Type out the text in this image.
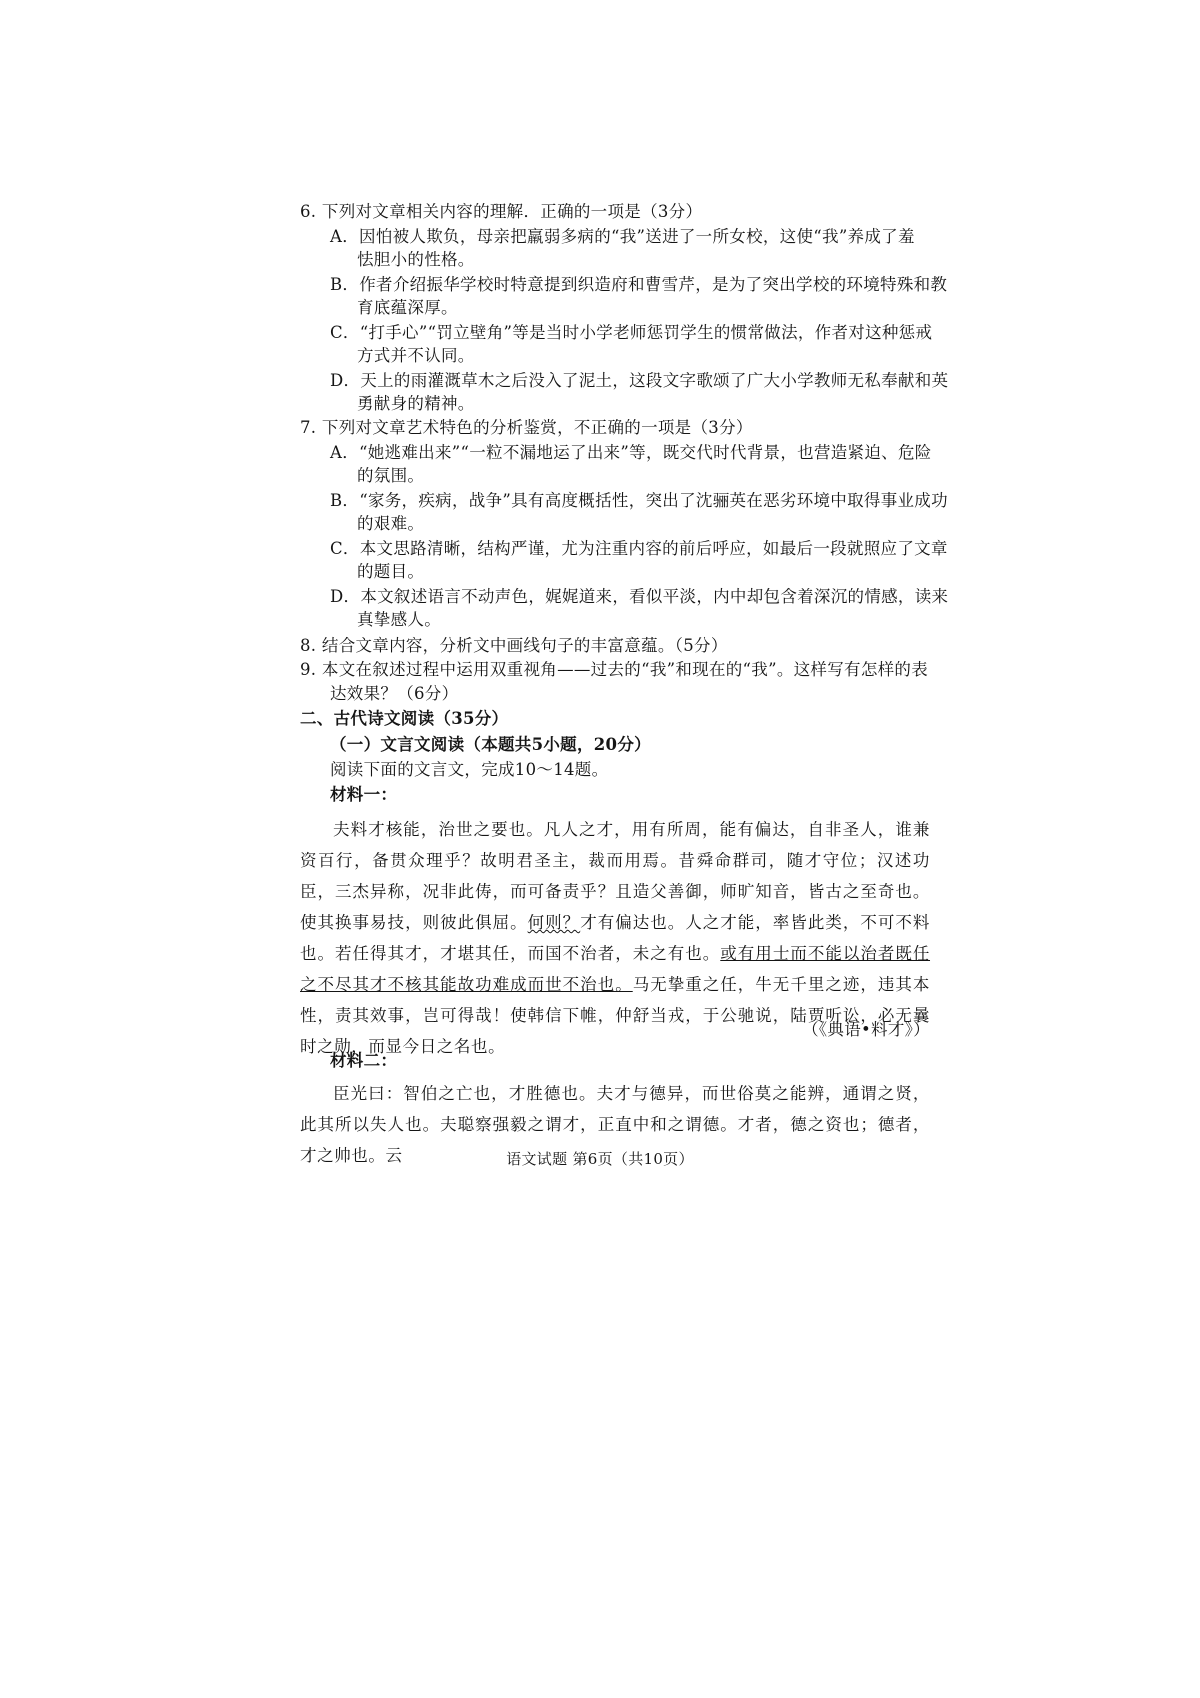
6. 下列对文章相关内容的理解．正确的一项是（3分）
A．因怕被人欺负，母亲把羸弱多病的“我”送进了一所女校，这使“我”养成了羞
怯胆小的性格。
B．作者介绍振华学校时特意提到织造府和曹雪芹，是为了突出学校的环境特殊和教
育底蕴深厚。
C．“打手心”“罚立壁角”等是当时小学老师惩罚学生的惯常做法，作者对这种惩戒
方式并不认同。
D．天上的雨灌溉草木之后没入了泥土，这段文字歌颂了广大小学教师无私奉献和英
勇献身的精神。
7. 下列对文章艺术特色的分析鉴赏，不正确的一项是（3分）
A．“她逃难出来”“一粒不漏地运了出来”等，既交代时代背景，也营造紧迫、危险
的氛围。
B．“家务，疾病，战争”具有高度概括性，突出了沈骊英在恶劣环境中取得事业成功
的艰难。
C．本文思路清晰，结构严谨，尤为注重内容的前后呼应，如最后一段就照应了文章
的题目。
D．本文叙述语言不动声色，娓娓道来，看似平淡，内中却包含着深沉的情感，读来
真挚感人。
8. 结合文章内容，分析文中画线句子的丰富意蕴。（5分）
9. 本文在叙述过程中运用双重视角——过去的“我”和现在的“我”。这样写有怎样的表
达效果？（6分）
二、古代诗文阅读（35分）
（一）文言文阅读（本题共5小题，20分）
阅读下面的文言文，完成10～14题。
材料一：

夫料才核能，治世之要也。凡人之才，用有所周，能有偏达，自非圣人，谁兼资百行，备贯众理乎？故明君圣主，裁而用焉。昔舜命群司，随才守位；汉述功臣，三杰异称，况非此俦，而可备责乎？且造父善御，师旷知音，皆古之至奇也。使其换事易技，则彼此俱屈。何则？才有偏达也。人之才能，率皆此类，不可不料也。若任得其才，才堪其任，而国不治者，未之有也。或有用士而不能以治者既任之不尽其才不核其能故功难成而世不治也。马无挚重之任，牛无千里之迹，违其本性，责其效事，岂可得哉！使韩信下帷，仲舒当戎，于公驰说，陆贾听讼，必无曩时之勋，而显今日之名也。

（《典语•料才》）
材料二：

臣光曰：智伯之亡也，才胜德也。夫才与德异，而世俗莫之能辨，通谓之贤，此其所以失人也。夫聪察强毅之谓才，正直中和之谓德。才者，德之资也；德者，才之帅也。云	语文试题 第6页（共10页）
